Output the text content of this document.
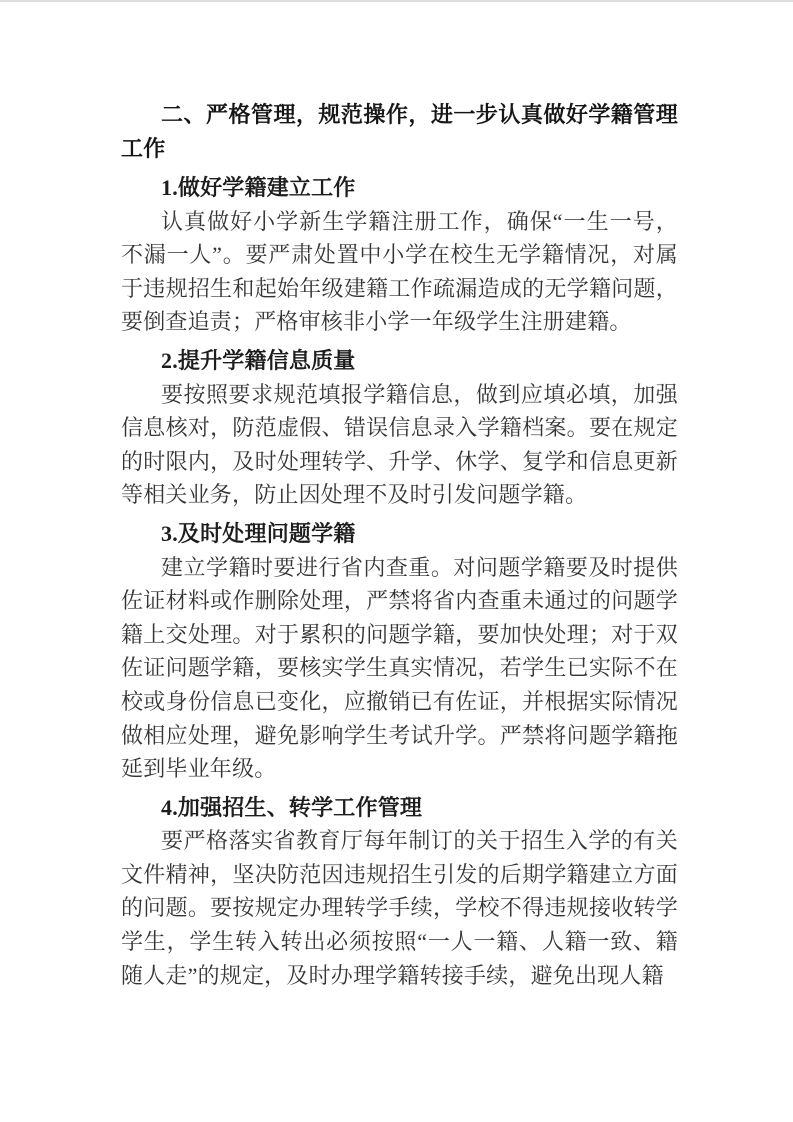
二、严格管理，规范操作，进一步认真做好学籍管理工作

1.做好学籍建立工作

认真做好小学新生学籍注册工作，确保“一生一号，不漏一人”。要严肃处置中小学在校生无学籍情况，对属于违规招生和起始年级建籍工作疏漏造成的无学籍问题，要倒查追责；严格审核非小学一年级学生注册建籍。

2.提升学籍信息质量

要按照要求规范填报学籍信息，做到应填必填，加强信息核对，防范虚假、错误信息录入学籍档案。要在规定的时限内，及时处理转学、升学、休学、复学和信息更新等相关业务，防止因处理不及时引发问题学籍。

3.及时处理问题学籍

建立学籍时要进行省内查重。对问题学籍要及时提供佐证材料或作删除处理，严禁将省内查重未通过的问题学籍上交处理。对于累积的问题学籍，要加快处理；对于双佐证问题学籍，要核实学生真实情况，若学生已实际不在校或身份信息已变化，应撤销已有佐证，并根据实际情况做相应处理，避免影响学生考试升学。严禁将问题学籍拖延到毕业年级。

4.加强招生、转学工作管理

要严格落实省教育厅每年制订的关于招生入学的有关文件精神，坚决防范因违规招生引发的后期学籍建立方面的问题。要按规定办理转学手续，学校不得违规接收转学学生，学生转入转出必须按照“一人一籍、人籍一致、籍随人走”的规定，及时办理学籍转接手续，避免出现人籍
